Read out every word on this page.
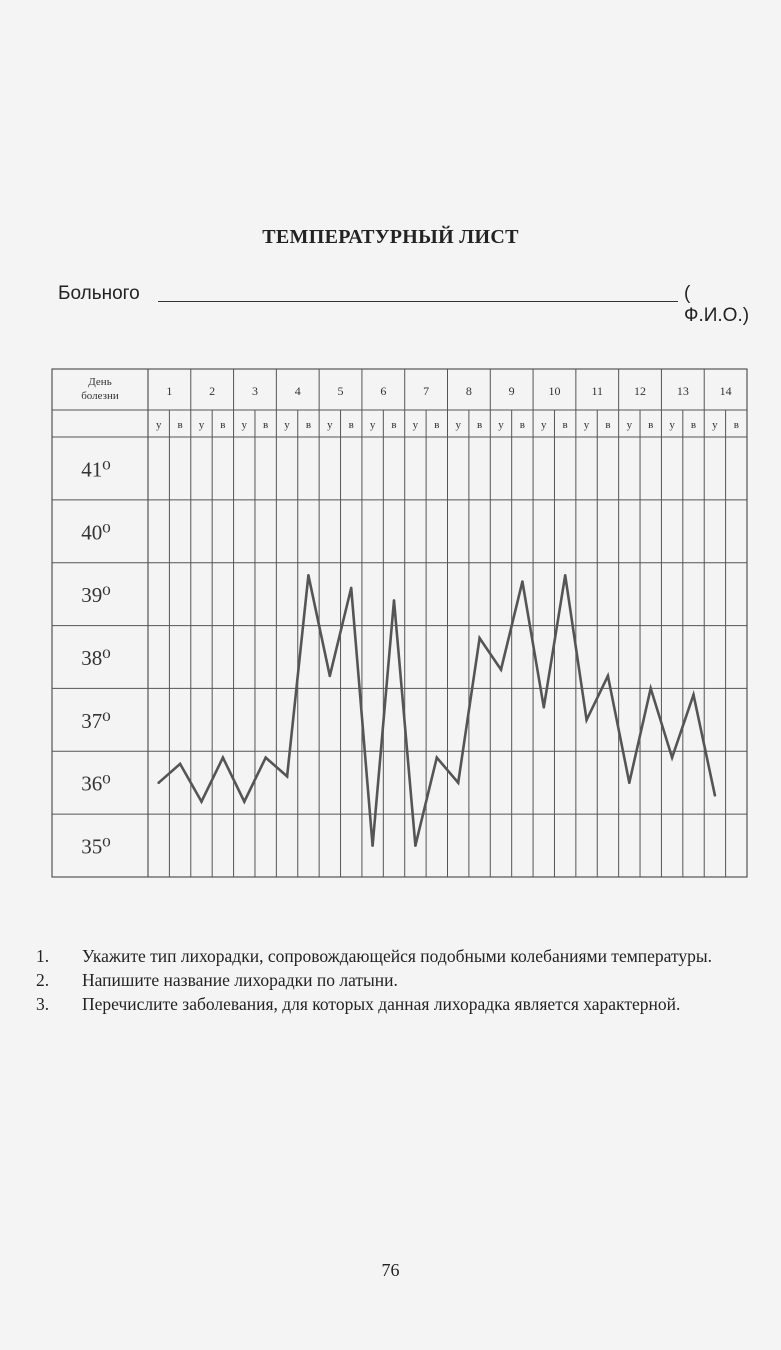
ТЕМПЕРАТУРНЫЙ ЛИСТ
Больного	( Ф.И.О.)
День
болезни	1	2	3	4	5	6	7	8	9	10	11	12	13	14
у в у в у в у в у в у в у в у в у в у в у в у в у в у в
41⁰
40⁰
39⁰
38⁰
37⁰
36⁰
35⁰
1. Укажите тип лихорадки, сопровождающейся подобными колебаниями температуры.
2. Напишите название лихорадки по латыни.
3. Перечислите заболевания, для которых данная лихорадка является характерной.
76
